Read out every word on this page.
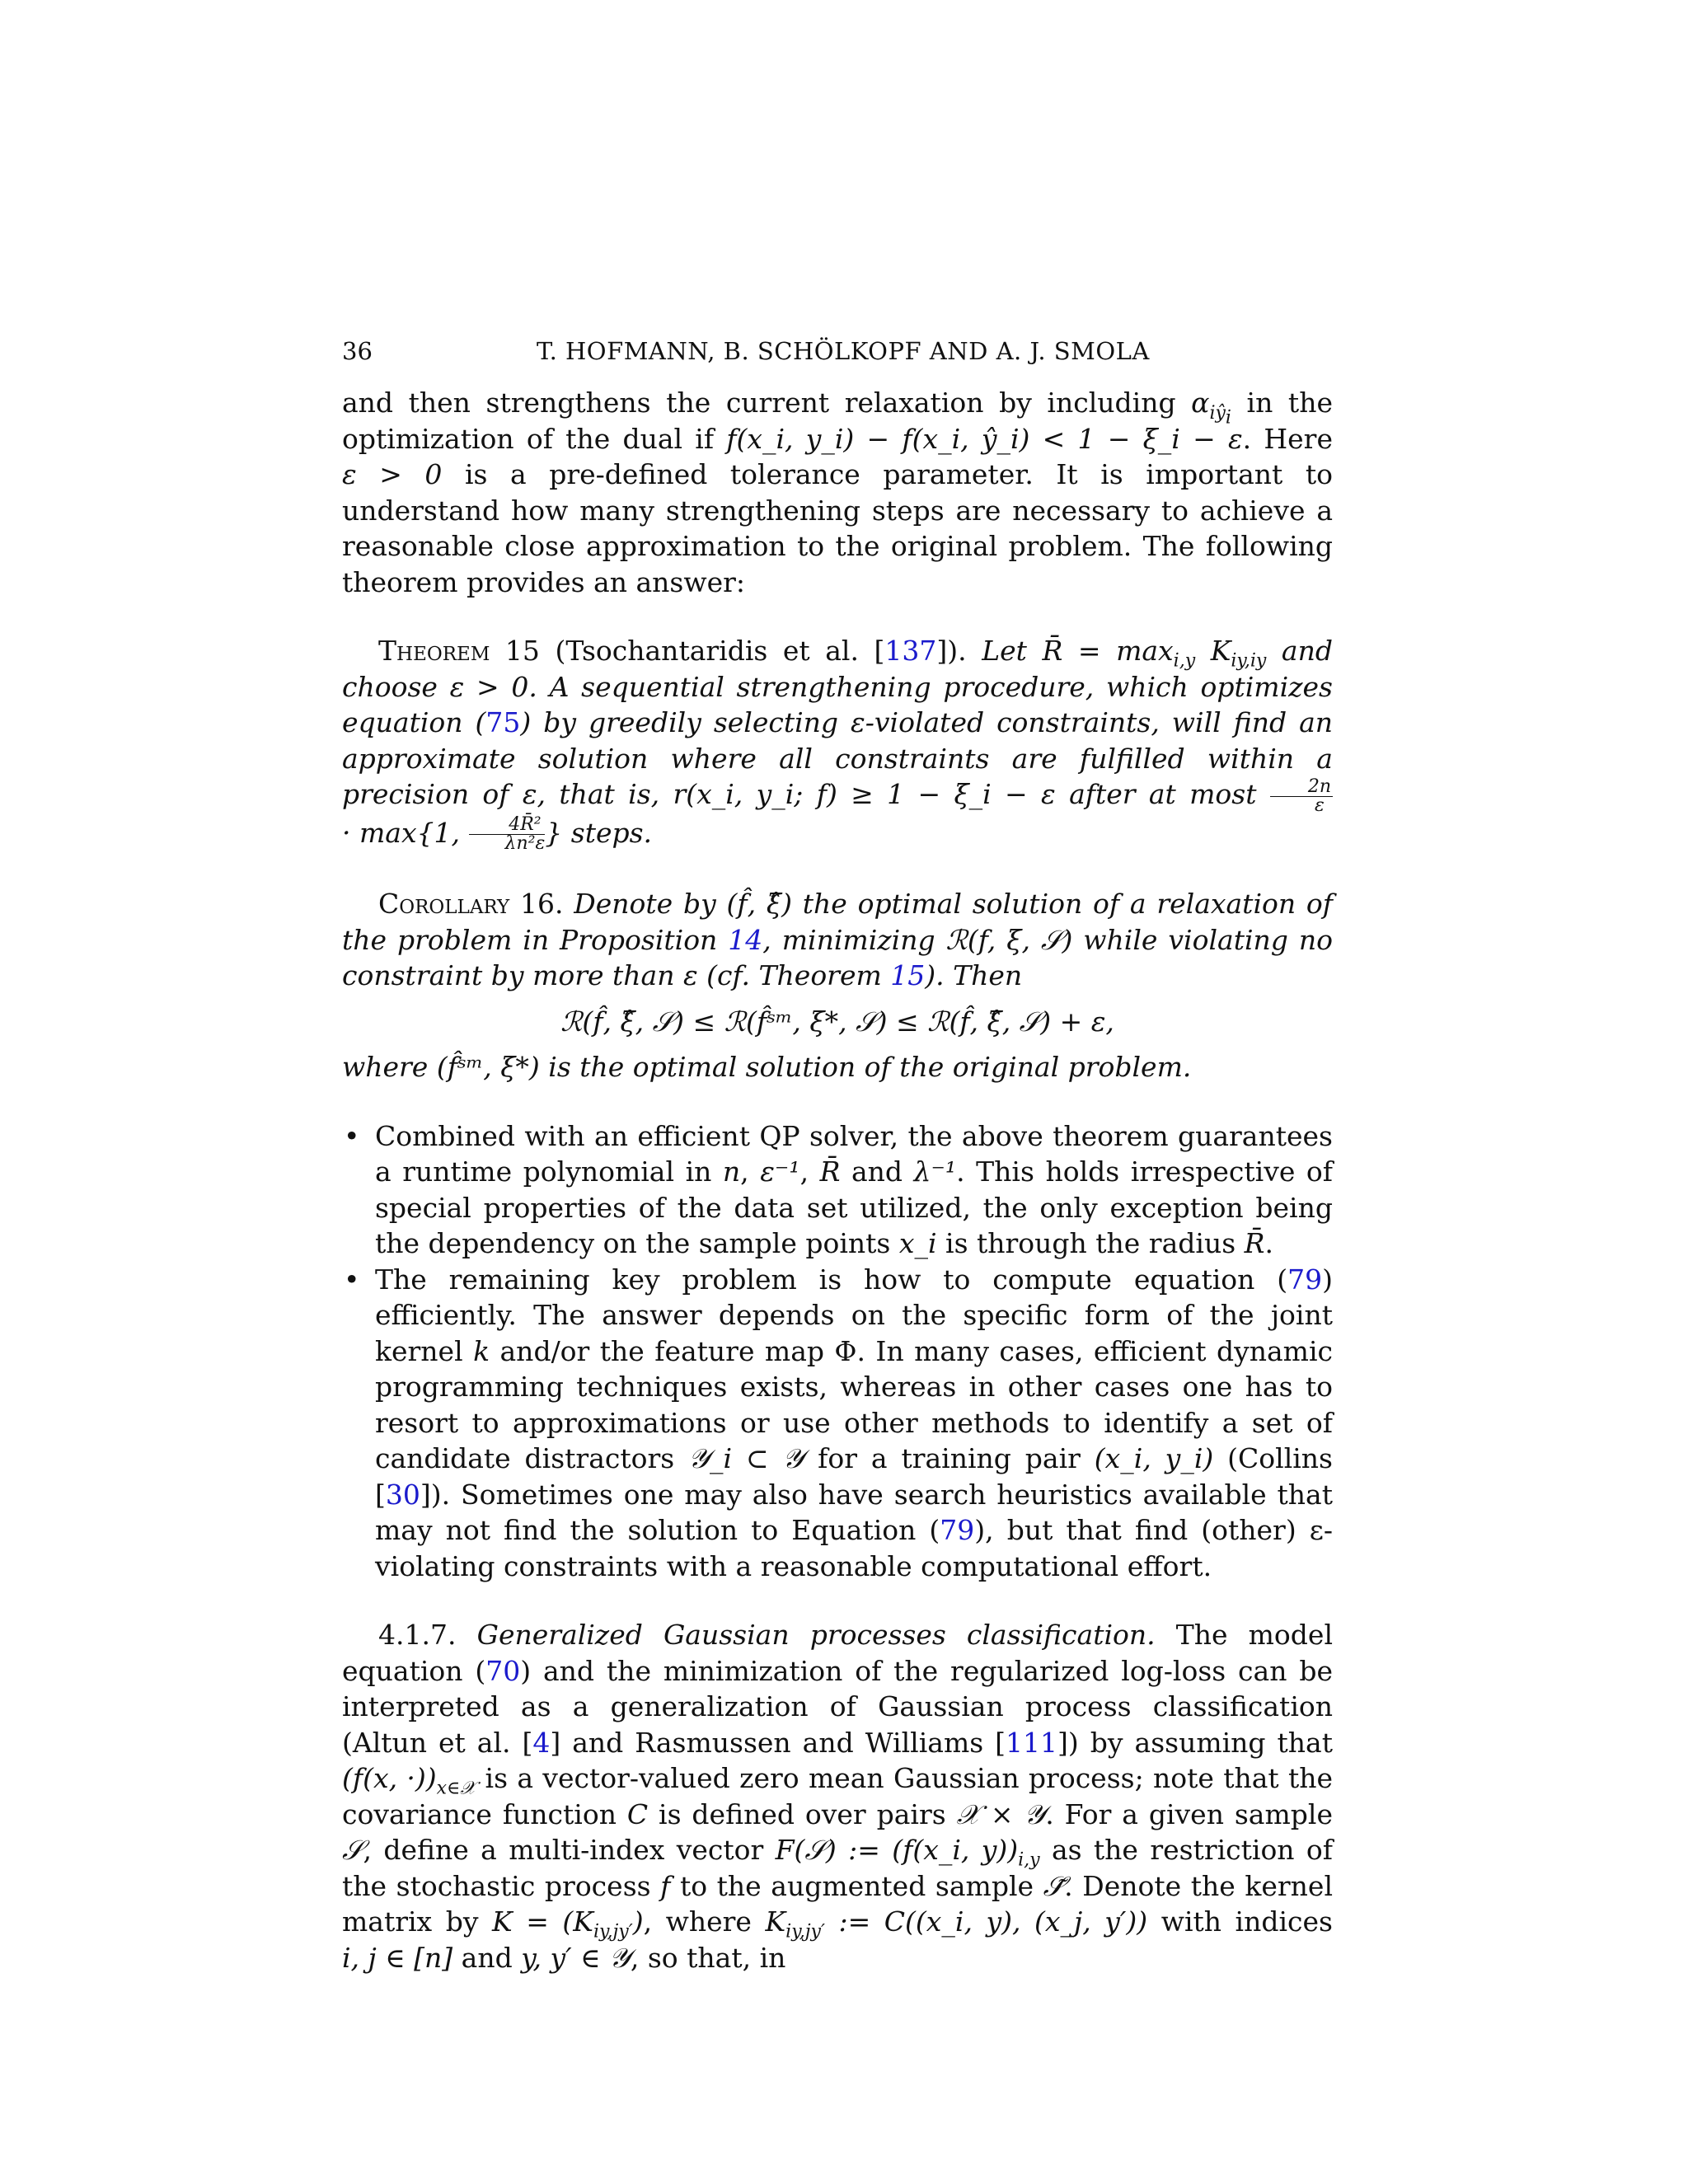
36	T. HOFMANN, B. SCHÖLKOPF AND A. J. SMOLA

and then strengthens the current relaxation by including $\alpha_{iŷ_i}$ in the optimization of the dual if f(x_i, y_i) − f(x_i, ŷ_i) < 1 − ξ_i − ε. Here ε > 0 is a pre-defined tolerance parameter. It is important to understand how many strengthening steps are necessary to achieve a reasonable close approximation to the original problem. The following theorem provides an answer:

Theorem 15 (Tsochantaridis et al. [137]). Let R̄ = $\max_{i,y} K_{iy,iy}$ and choose ε > 0. A sequential strengthening procedure, which optimizes equation (75) by greedily selecting ε-violated constraints, will find an approximate solution where all constraints are fulfilled within a precision of ε, that is, r(x_i, y_i; f) ≥ 1 − ξ_i − ε after at most $\frac{2n}{\varepsilon}$
· max{1, $\frac{\text{4R̄²}}{\text{λn²ε}}$ } steps.

Corollary 16. Denote by (f̂, ξ̂) the optimal solution of a relaxation of the problem in Proposition 14, minimizing ℛ(f, ξ, 𝒮) while violating no constraint by more than ε (cf. Theorem 15). Then

ℛ(f̂, ξ̂, 𝒮) ≤ ℛ(f̂ˢᵐ, ξ*, 𝒮) ≤ ℛ(f̂, ξ̂, 𝒮) + ε,

where (f̂ˢᵐ, ξ*) is the optimal solution of the original problem.

• Combined with an efficient QP solver, the above theorem guarantees a runtime polynomial in n, ε⁻¹, R̄ and λ⁻¹. This holds irrespective of special properties of the data set utilized, the only exception being the dependency on the sample points x_i is through the radius R̄.
• The remaining key problem is how to compute equation (79) efficiently. The answer depends on the specific form of the joint kernel k and/or the feature map Φ. In many cases, efficient dynamic programming techniques exists, whereas in other cases one has to resort to approximations or use other methods to identify a set of candidate distractors 𝒴_i ⊂ 𝒴 for a training pair (x_i, y_i) (Collins [30]). Sometimes one may also have search heuristics available that may not find the solution to Equation (79), but that find (other) ε-violating constraints with a reasonable computational effort.

4.1.7. Generalized Gaussian processes classification. The model equation (70) and the minimization of the regularized log-loss can be interpreted as a generalization of Gaussian process classification (Altun et al. [4] and Rasmussen and Williams [111]) by assuming that (f(x, $\cdot))_{x\in 𝒳}$ is a vector-valued zero mean Gaussian process; note that the covariance function C is defined over pairs 𝒳 × 𝒴. For a given sample 𝒮, define a multi-index vector F(𝒮) := (f(x_i, $y))_{i,y}$ as the restriction of the stochastic process f to the augmented sample 𝒮̃. Denote the kernel matrix by $K = (K_{iy,jy'})$, where $K_{iy,jy'}$ := C((x_i, y), (x_j, y′)) with indices i, j ∈ [n] and y, y′ ∈ 𝒴, so that, in
